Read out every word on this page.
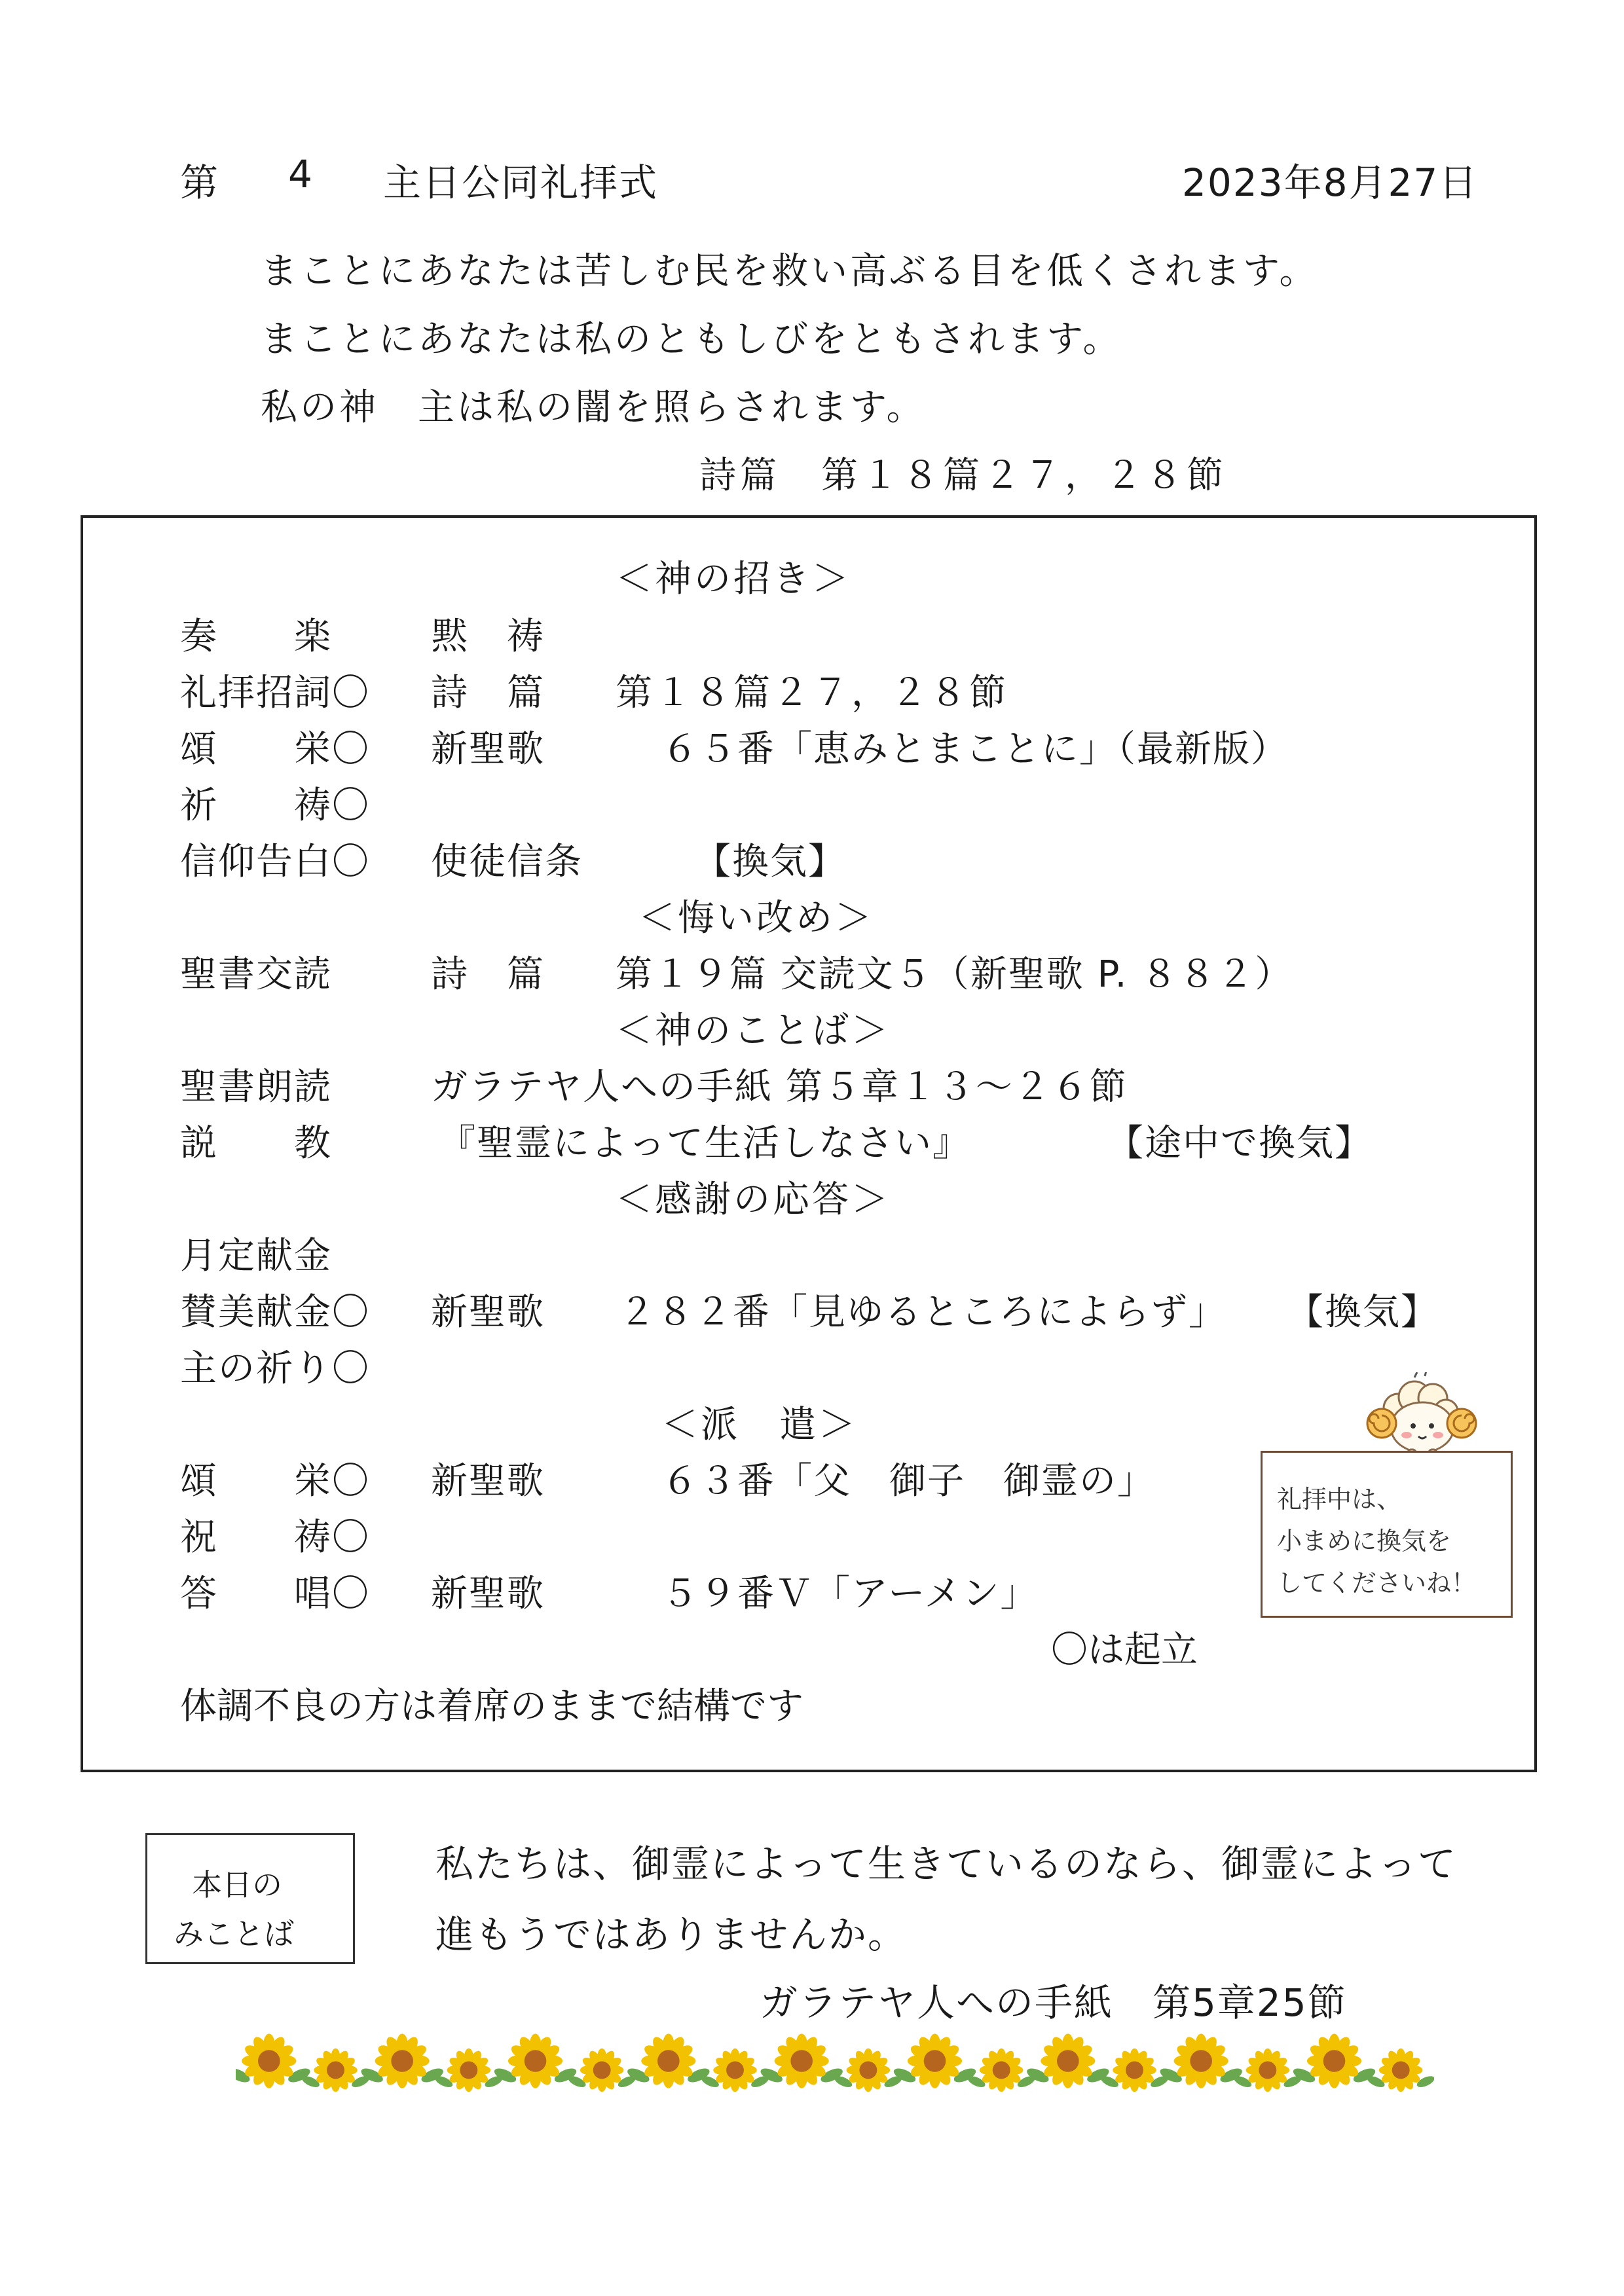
第 4 主日公同礼拝式	2023年8月27日
まことにあなたは苦しむ民を救い高ぶる目を低くされます。
まことにあなたは私のともしびをともされます。
私の神　主は私の闇を照らされます。
詩篇　第１８篇２７，２８節
＜神の招き＞
奏　　楽	黙　祷
礼拝招詞〇 詩　篇 第１８篇２７，２８節
頌　　栄〇 新聖歌	６５番「恵みとまことに」（最新版）
祈　　祷〇
信仰告白〇 使徒信条	【換気】
＜悔い改め＞
聖書交読	詩　篇 第１９篇 交読文５（新聖歌 P. ８８２）
＜神のことば＞
聖書朗読	ガラテヤ人への手紙 第５章１３～２６節
説　　教	『聖霊によって生活しなさい』	【途中で換気】
＜感謝の応答＞
月定献金
賛美献金〇 新聖歌 ２８２番「見ゆるところによらず」 【換気】
主の祈り〇
＜派　遣＞
頌　　栄〇 新聖歌	６３番「父　御子　御霊の」
祝　　祷〇
答　　唱〇 新聖歌	５９番Ｖ「アーメン」
〇は起立
体調不良の方は着席のままで結構です
礼拝中は、
小まめに換気を
してくださいね！
本日の
みことば
私たちは、御霊によって生きているのなら、御霊によって
進もうではありませんか。
ガラテヤ人への手紙　第5章25節
